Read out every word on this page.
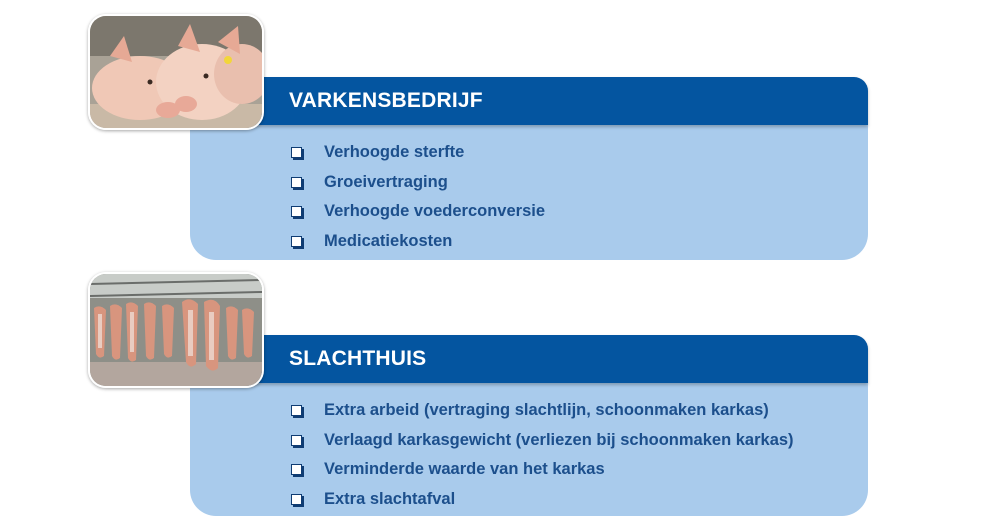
VARKENSBEDRIJF
Verhoogde sterfte
Groeivertraging
Verhoogde voederconversie
Medicatiekosten
SLACHTHUIS
Extra arbeid (vertraging slachtlijn, schoonmaken karkas)
Verlaagd karkasgewicht (verliezen bij schoonmaken karkas)
Verminderde waarde van het karkas
Extra slachtafval
